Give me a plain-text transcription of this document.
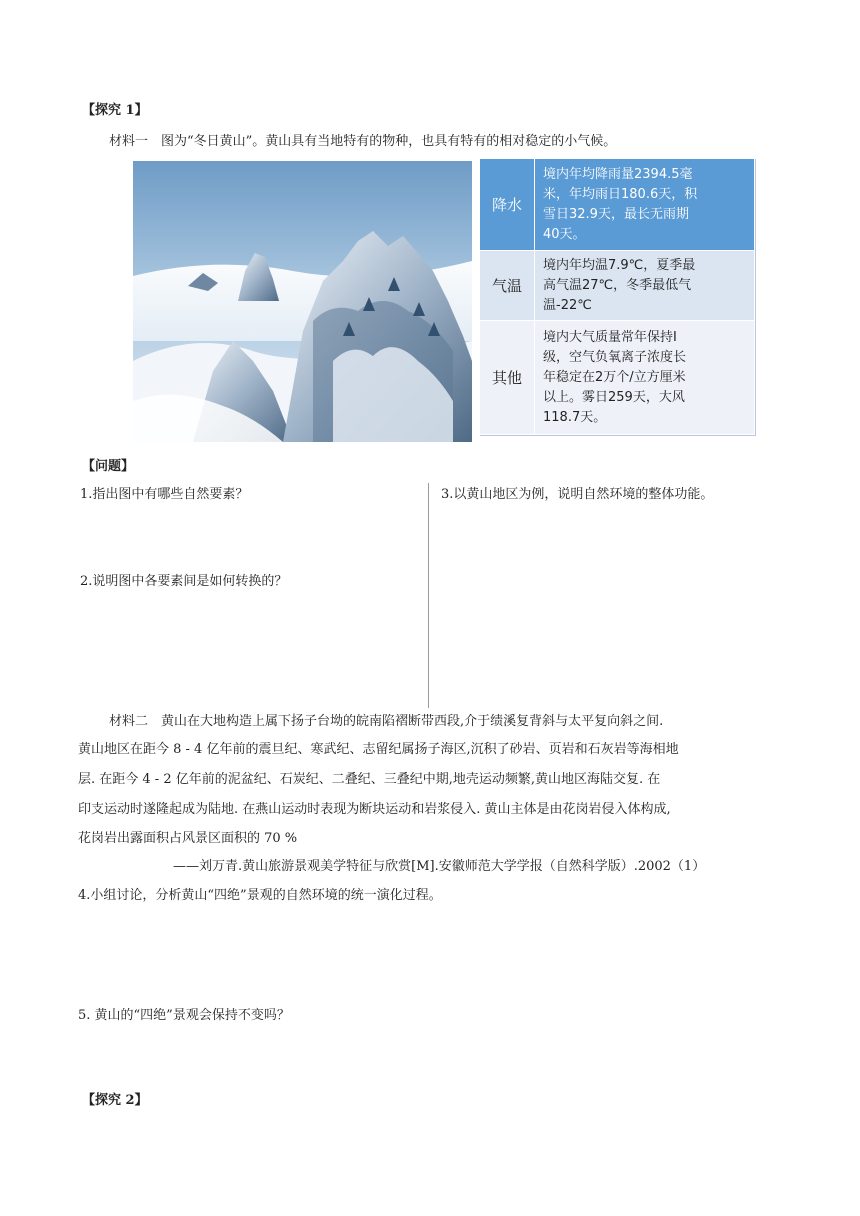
【探究 1】
材料一　图为“冬日黄山”。黄山具有当地特有的物种，也具有特有的相对稳定的小气候。
降水	境内年均降雨量2394.5毫
米，年均雨日180.6天，积
雪日32.9天，最长无雨期
40天。

气温	境内年均温7.9℃，夏季最
高气温27℃，冬季最低气
温-22℃

其他	境内大气质量常年保持Ⅰ
级，空气负氧离子浓度长
年稳定在2万个/立方厘米
以上。雾日259天，大风
118.7天。
【问题】
1.指出图中有哪些自然要素？
2.说明图中各要素间是如何转换的？
3.以黄山地区为例，说明自然环境的整体功能。
材料二　黄山在大地构造上属下扬子台坳的皖南陷褶断带西段,介于绩溪复背斜与太平复向斜之间.
黄山地区在距今 8 - 4 亿年前的震旦纪、寒武纪、志留纪属扬子海区,沉积了砂岩、页岩和石灰岩等海相地
层. 在距今 4 - 2 亿年前的泥盆纪、石炭纪、二叠纪、三叠纪中期,地壳运动频繁,黄山地区海陆交复. 在
印支运动时遂隆起成为陆地. 在燕山运动时表现为断块运动和岩浆侵入. 黄山主体是由花岗岩侵入体构成,
花岗岩出露面积占风景区面积的 70 %
——刘万青.黄山旅游景观美学特征与欣赏[M].安徽师范大学学报（自然科学版）.2002（1）
4.小组讨论，分析黄山“四绝”景观的自然环境的统一演化过程。
5. 黄山的“四绝”景观会保持不变吗？
【探究 2】
